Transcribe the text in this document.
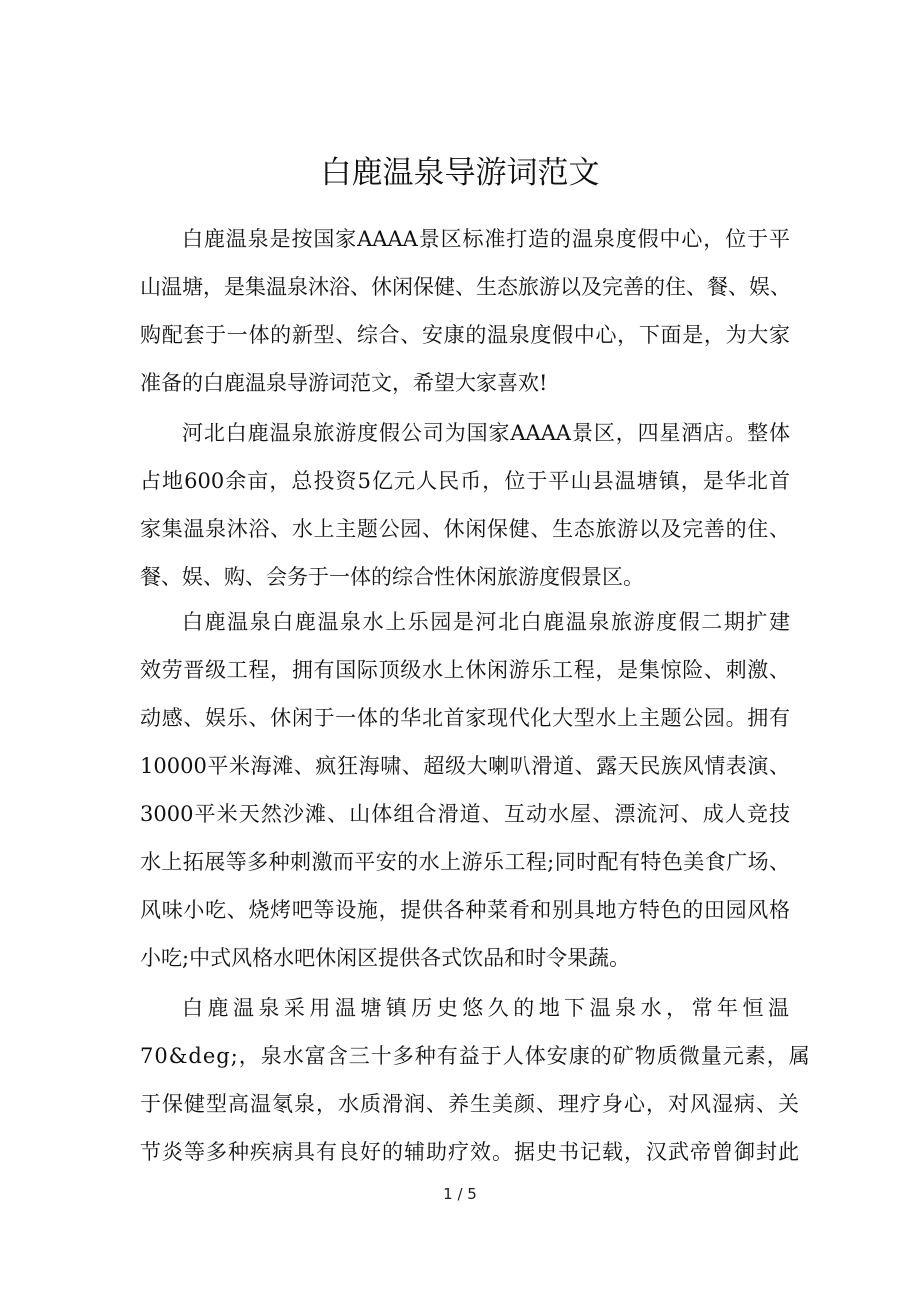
白鹿温泉导游词范文
白鹿温泉是按国家AAAA景区标准打造的温泉度假中心，位于平
山温塘，是集温泉沐浴、休闲保健、生态旅游以及完善的住、餐、娱、
购配套于一体的新型、综合、安康的温泉度假中心，下面是，为大家
准备的白鹿温泉导游词范文，希望大家喜欢!
河北白鹿温泉旅游度假公司为国家AAAA景区，四星酒店。整体
占地600余亩，总投资5亿元人民币，位于平山县温塘镇，是华北首
家集温泉沐浴、水上主题公园、休闲保健、生态旅游以及完善的住、
餐、娱、购、会务于一体的综合性休闲旅游度假景区。
白鹿温泉白鹿温泉水上乐园是河北白鹿温泉旅游度假二期扩建
效劳晋级工程，拥有国际顶级水上休闲游乐工程，是集惊险、刺激、
动感、娱乐、休闲于一体的华北首家现代化大型水上主题公园。拥有
10000平米海滩、疯狂海啸、超级大喇叭滑道、露天民族风情表演、
3000平米天然沙滩、山体组合滑道、互动水屋、漂流河、成人竞技
水上拓展等多种刺激而平安的水上游乐工程;同时配有特色美食广场、
风味小吃、烧烤吧等设施，提供各种菜肴和别具地方特色的田园风格
小吃;中式风格水吧休闲区提供各式饮品和时令果蔬。
白鹿温泉采用温塘镇历史悠久的地下温泉水，常年恒温
70&deg;，泉水富含三十多种有益于人体安康的矿物质微量元素，属
于保健型高温氡泉，水质滑润、养生美颜、理疗身心，对风湿病、关
节炎等多种疾病具有良好的辅助疗效。据史书记载，汉武帝曾御封此
1 / 5
